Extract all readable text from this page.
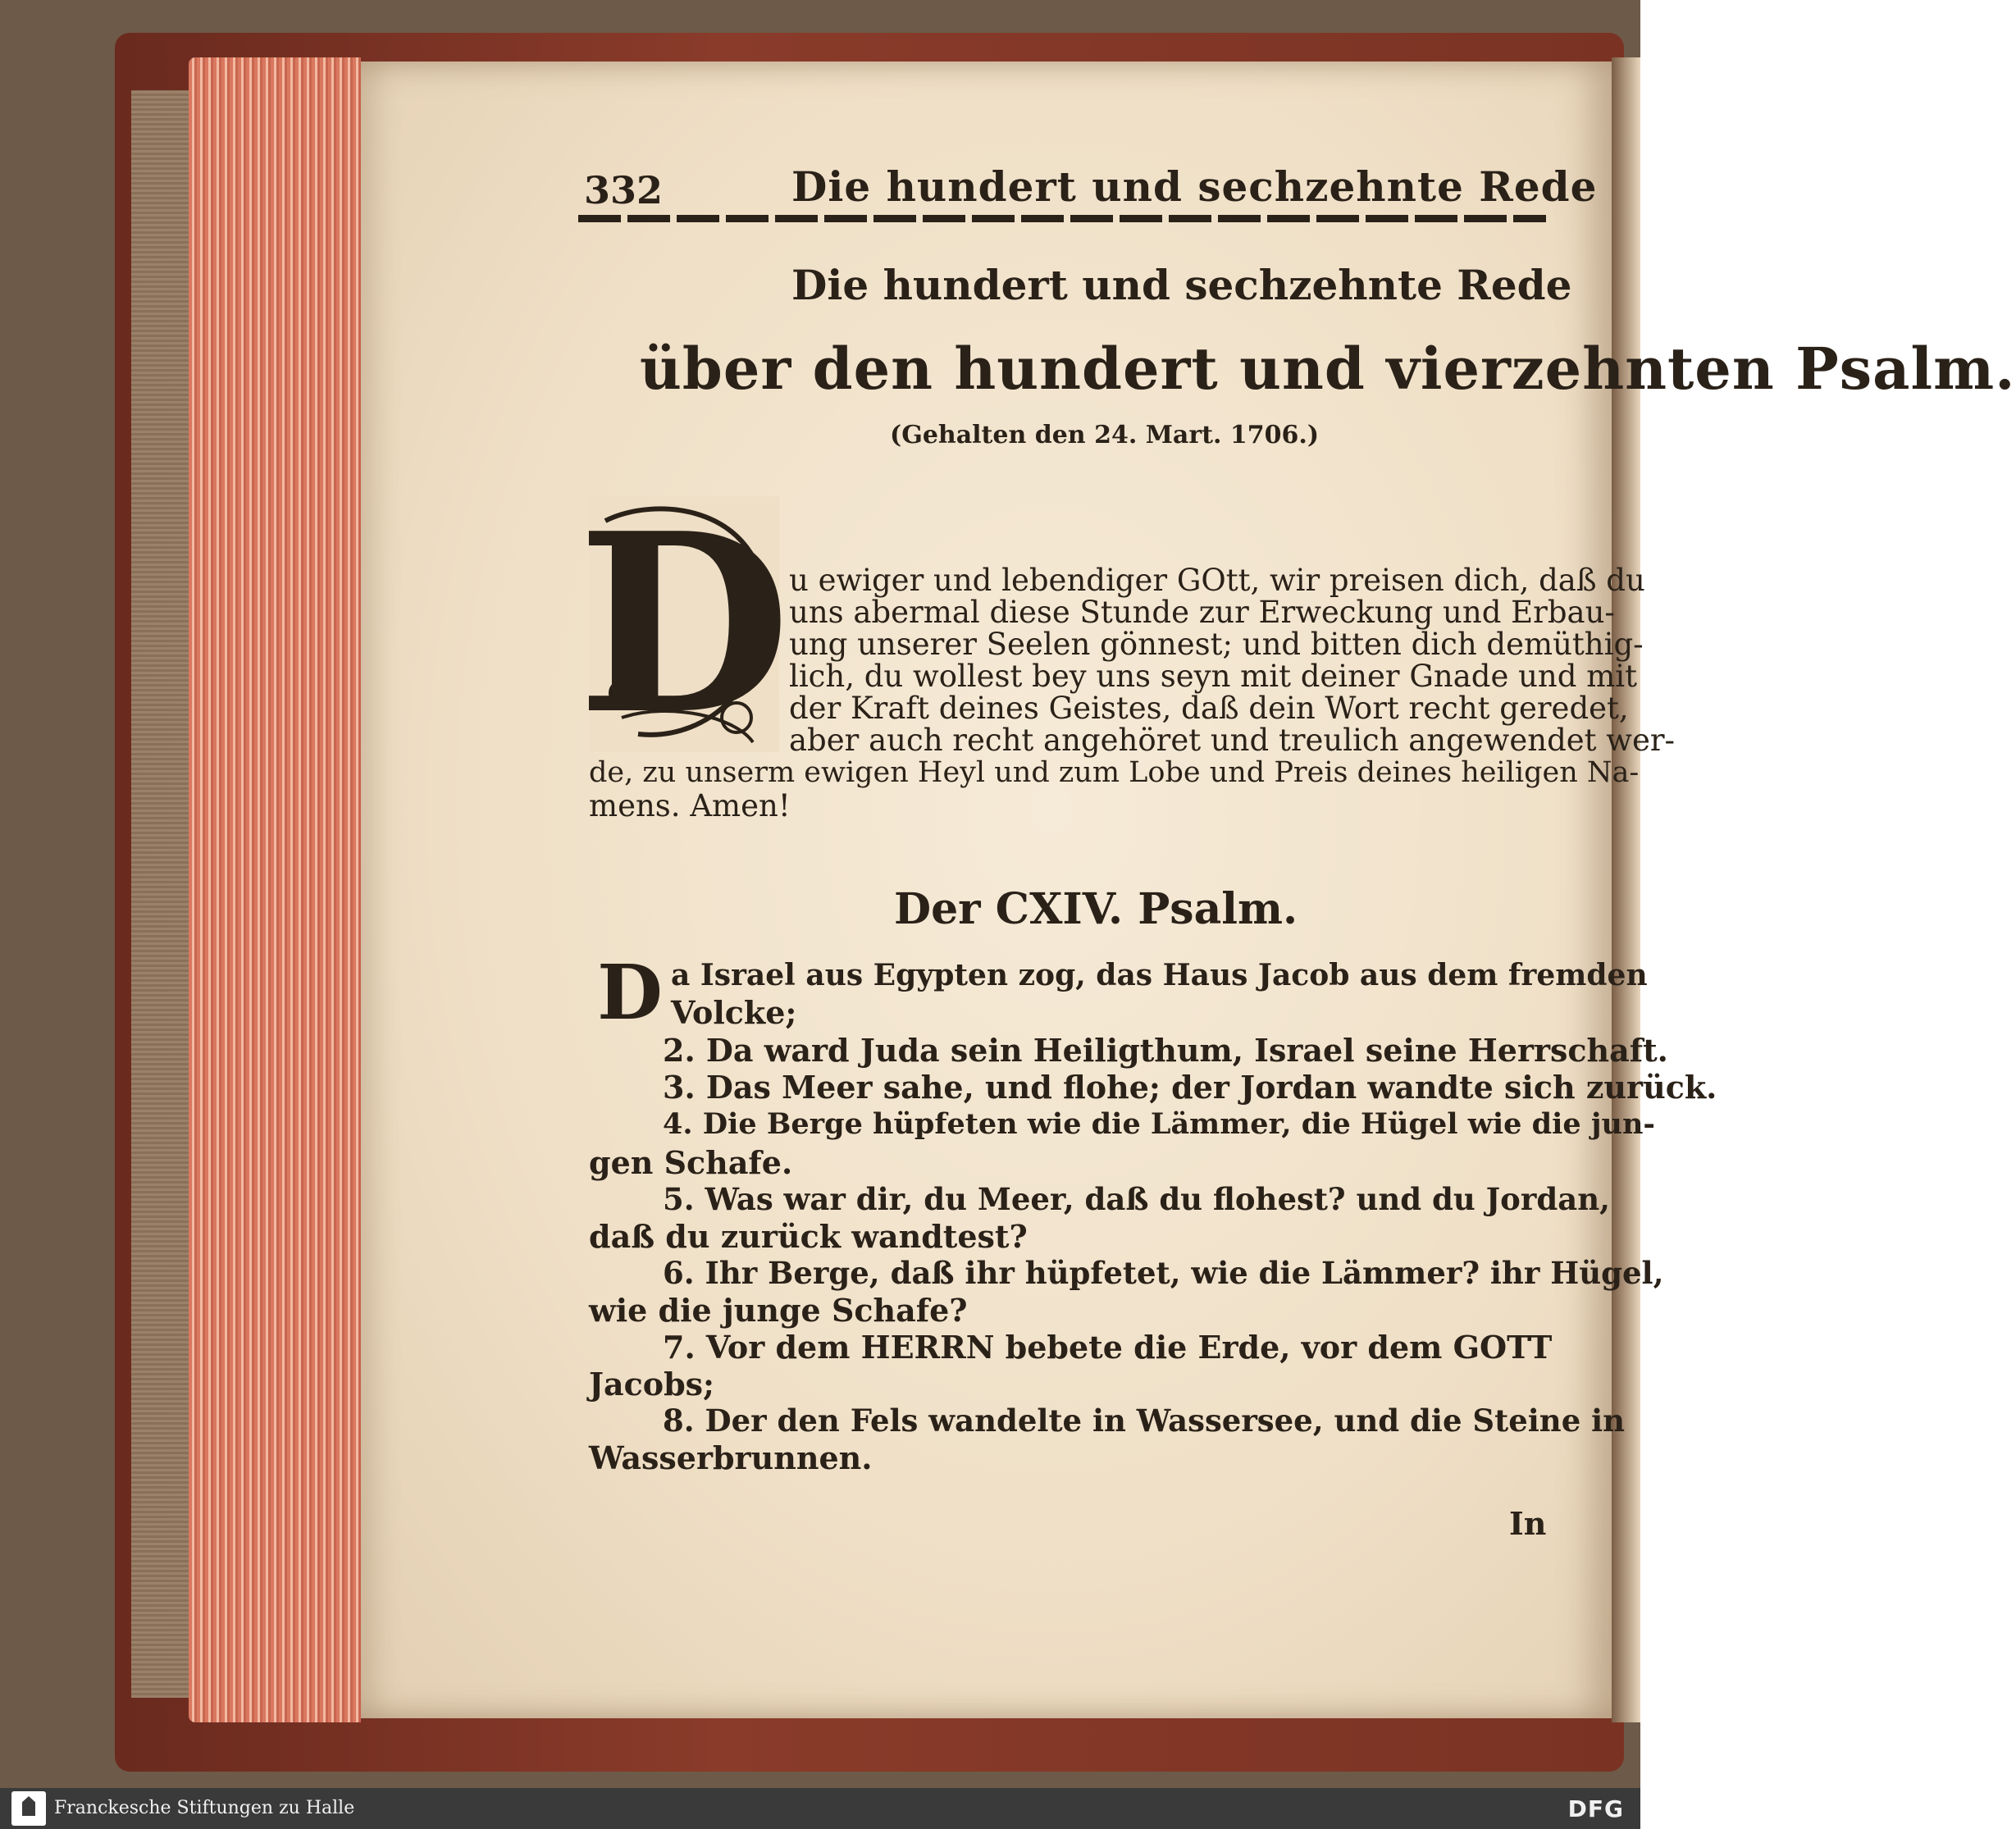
332	Die hundert und sechzehnte Rede
Die hundert und sechzehnte Rede
über den hundert und vierzehnten Psalm.
(Gehalten den 24. Mart. 1706.)
D
u ewiger und lebendiger GOtt, wir preisen dich, daß du
uns abermal diese Stunde zur Erweckung und Erbau-
ung unserer Seelen gönnest; und bitten dich demüthig-
lich, du wollest bey uns seyn mit deiner Gnade und mit
der Kraft deines Geistes, daß dein Wort recht geredet,
aber auch recht angehöret und treulich angewendet wer-
de, zu unserm ewigen Heyl und zum Lobe und Preis deines heiligen Na-
mens. Amen!
Der CXIV. Psalm.
D a Israel aus Egypten zog, das Haus Jacob aus dem fremden
Volcke;
2. Da ward Juda sein Heiligthum, Israel seine Herrschaft.
3. Das Meer sahe, und flohe; der Jordan wandte sich zurück.
4. Die Berge hüpfeten wie die Lämmer, die Hügel wie die jun-
gen Schafe.
5. Was war dir, du Meer, daß du flohest? und du Jordan,
daß du zurück wandtest?
6. Ihr Berge, daß ihr hüpfetet, wie die Lämmer? ihr Hügel,
wie die junge Schafe?
7. Vor dem HERRN bebete die Erde, vor dem GOTT
Jacobs;
8. Der den Fels wandelte in Wassersee, und die Steine in
Wasserbrunnen.
In
Franckesche Stiftungen zu Halle	DFG
